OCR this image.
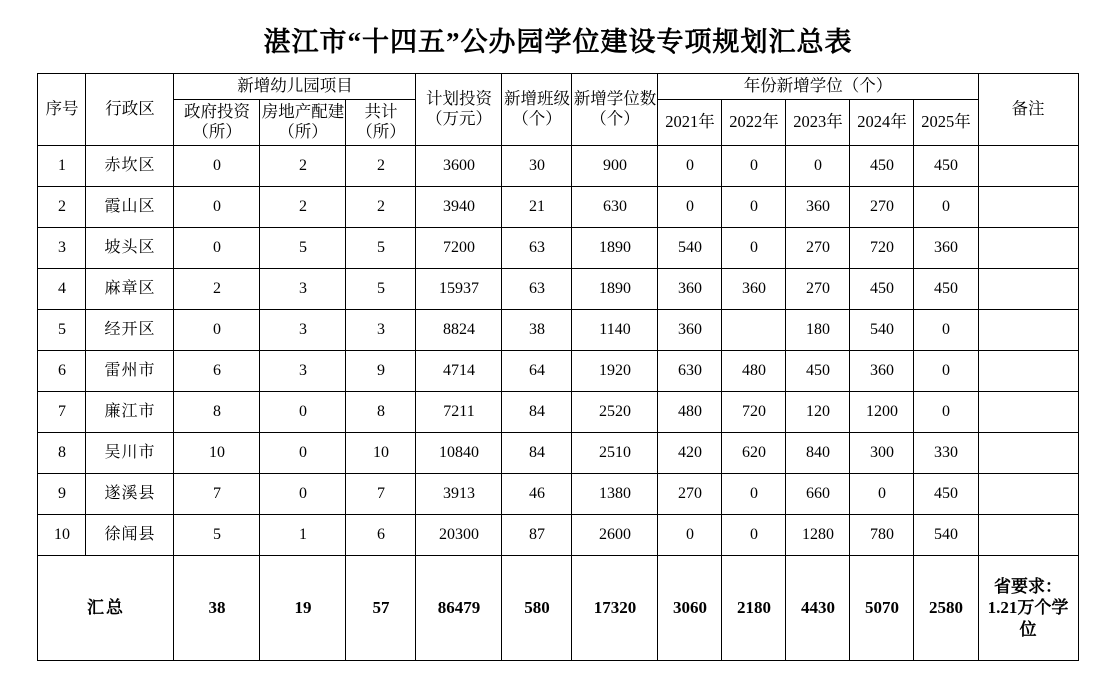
湛江市“十四五”公办园学位建设专项规划汇总表
序号	行政区	新增幼儿园项目			计划投资（万元）	新增班级（个）	新增学位数（个）	年份新增学位（个）					备注
		政府投资（所）	房地产配建（所）	共计（所）				2021年	2022年	2023年	2024年	2025年	
1	赤坎区	0	2	2	3600	30	900	0	0	0	450	450	
2	霞山区	0	2	2	3940	21	630	0	0	360	270	0	
3	坡头区	0	5	5	7200	63	1890	540	0	270	720	360	
4	麻章区	2	3	5	15937	63	1890	360	360	270	450	450	
5	经开区	0	3	3	8824	38	1140	360		180	540	0	
6	雷州市	6	3	9	4714	64	1920	630	480	450	360	0	
7	廉江市	8	0	8	7211	84	2520	480	720	120	1200	0	
8	吴川市	10	0	10	10840	84	2510	420	620	840	300	330	
9	遂溪县	7	0	7	3913	46	1380	270	0	660	0	450	
10	徐闻县	5	1	6	20300	87	2600	0	0	1280	780	540	
汇总		38	19	57	86479	580	17320	3060	2180	4430	5070	2580	省要求：1.21万个学位
